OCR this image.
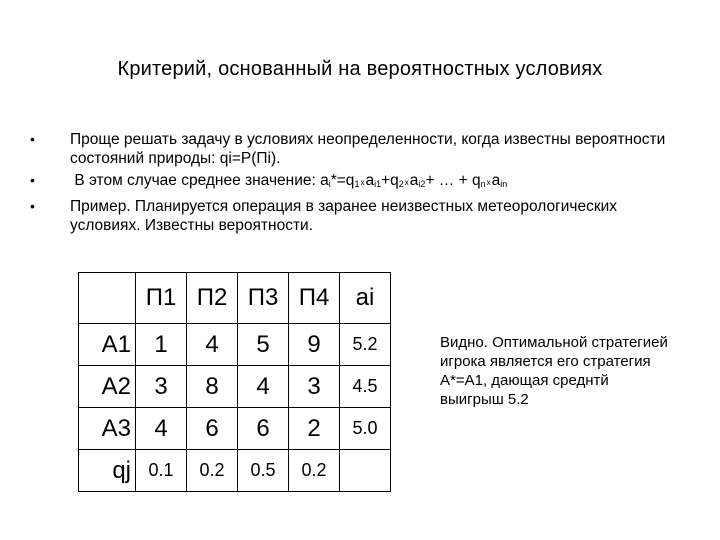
Критерий, основанный на вероятностных условиях
• Проще решать задачу в условиях неопределенности, когда известны вероятности состояний природы: qi=P(Пi).
•	В этом случае среднее значение: ai*=q1xai1+q2xai2+ … + qnxain
• Пример. Планируется операция в заранее неизвестных метеорологических условиях. Известны вероятности.
	П1	П2	П3	П4	ai
A1	1	4	5	9	5.2
A2	3	8	4	3	4.5
A3	4	6	6	2	5.0
qj	0.1	0.2	0.5	0.2	
Видно. Оптимальной стратегией игрока является его стратегия A*=A1, дающая среднтй выигрыш 5.2
